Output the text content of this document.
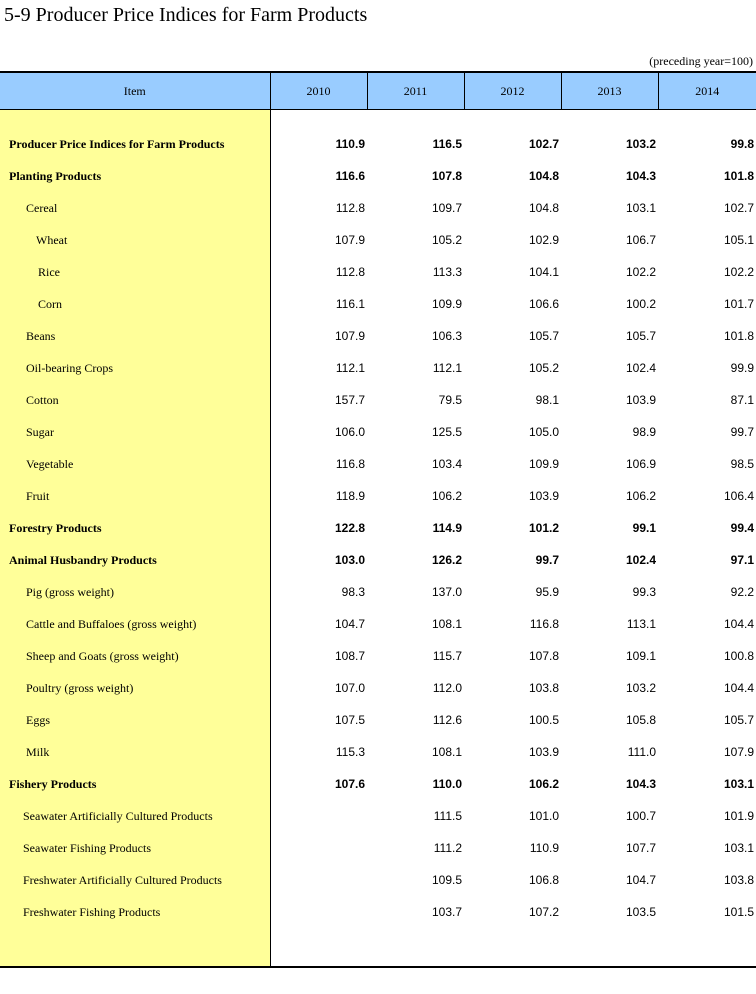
5-9 Producer Price Indices for Farm Products
(preceding year=100)
Item	2010	2011	2012	2013	2014

Producer Price Indices for Farm Products	110.9	116.5	102.7	103.2	99.8
Planting Products	116.6	107.8	104.8	104.3	101.8
Cereal	112.8	109.7	104.8	103.1	102.7
Wheat	107.9	105.2	102.9	106.7	105.1
Rice	112.8	113.3	104.1	102.2	102.2
Corn	116.1	109.9	106.6	100.2	101.7
Beans	107.9	106.3	105.7	105.7	101.8
Oil-bearing Crops	112.1	112.1	105.2	102.4	99.9
Cotton	157.7	79.5	98.1	103.9	87.1
Sugar	106.0	125.5	105.0	98.9	99.7
Vegetable	116.8	103.4	109.9	106.9	98.5
Fruit	118.9	106.2	103.9	106.2	106.4
Forestry Products	122.8	114.9	101.2	99.1	99.4
Animal Husbandry Products	103.0	126.2	99.7	102.4	97.1
Pig (gross weight)	98.3	137.0	95.9	99.3	92.2
Cattle and Buffaloes (gross weight)	104.7	108.1	116.8	113.1	104.4
Sheep and Goats (gross weight)	108.7	115.7	107.8	109.1	100.8
Poultry (gross weight)	107.0	112.0	103.8	103.2	104.4
Eggs	107.5	112.6	100.5	105.8	105.7
Milk	115.3	108.1	103.9	111.0	107.9
Fishery Products	107.6	110.0	106.2	104.3	103.1
Seawater Artificially Cultured Products		111.5	101.0	100.7	101.9
Seawater Fishing Products		111.2	110.9	107.7	103.1
Freshwater Artificially Cultured Products		109.5	106.8	104.7	103.8
Freshwater Fishing Products		103.7	107.2	103.5	101.5
